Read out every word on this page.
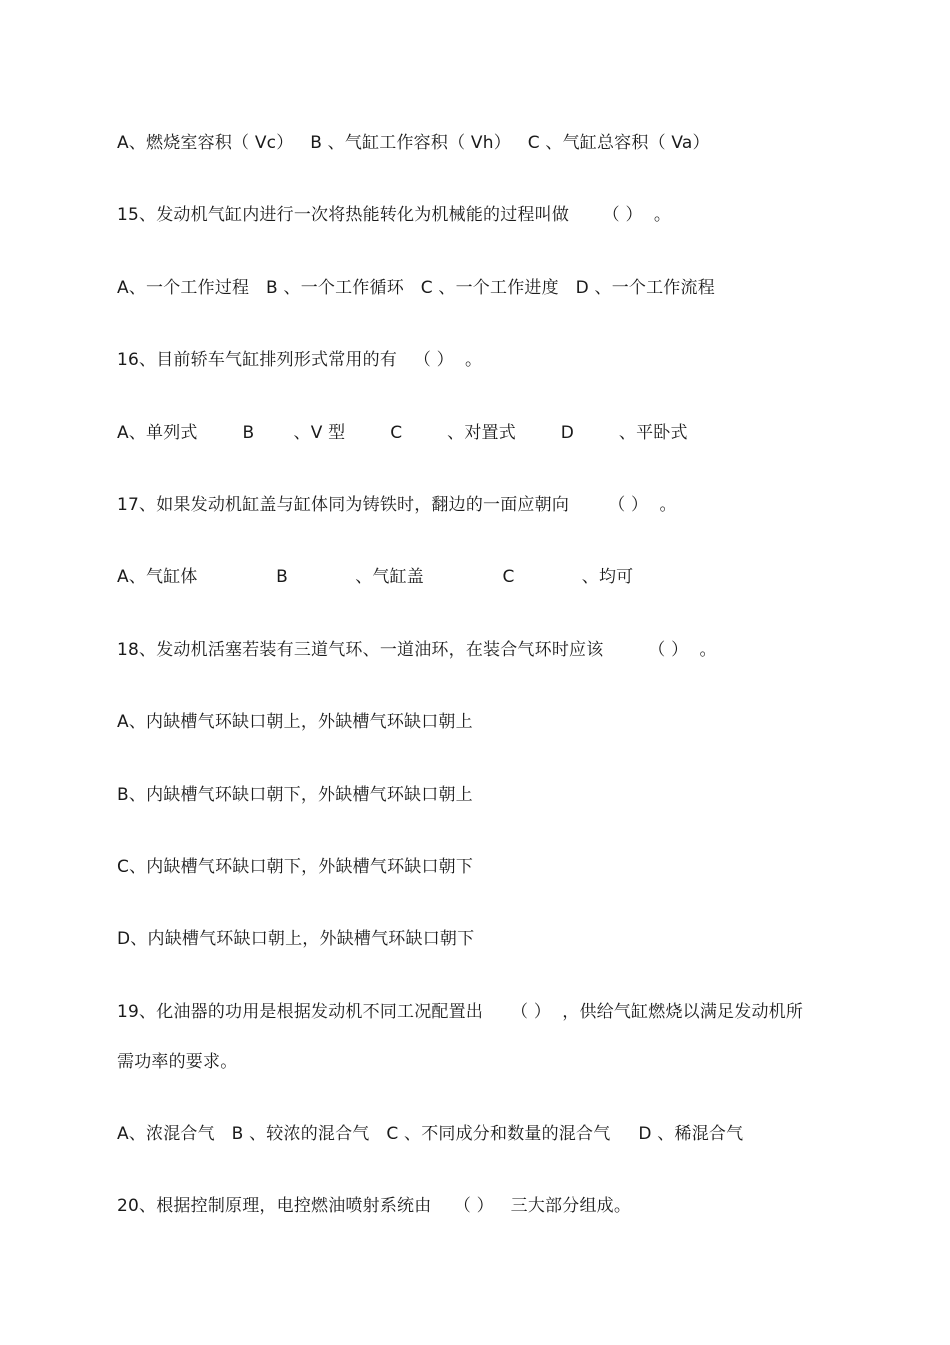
A、燃烧室容积（ Vc）   B 、气缸工作容积（ Vh）   C 、气缸总容积（ Va）
15、发动机气缸内进行一次将热能转化为机械能的过程叫做      （ ）  。
A、一个工作过程   B 、一个工作循环   C 、一个工作进度   D 、一个工作流程
16、目前轿车气缸排列形式常用的有   （ ）  。
A、单列式        B       、V 型        C        、对置式        D        、平卧式
17、如果发动机缸盖与缸体同为铸铁时，翻边的一面应朝向       （ ）  。
A、气缸体              B            、气缸盖              C            、均可
18、发动机活塞若装有三道气环、一道油环，在装合气环时应该        （ ）  。
A、内缺槽气环缺口朝上，外缺槽气环缺口朝上
B、内缺槽气环缺口朝下，外缺槽气环缺口朝上
C、内缺槽气环缺口朝下，外缺槽气环缺口朝下
D、内缺槽气环缺口朝上，外缺槽气环缺口朝下
19、化油器的功用是根据发动机不同工况配置出     （ ）  ，供给气缸燃烧以满足发动机所
需功率的要求。
A、浓混合气   B 、较浓的混合气   C 、不同成分和数量的混合气     D 、稀混合气
20、根据控制原理，电控燃油喷射系统由    （ ）   三大部分组成。
